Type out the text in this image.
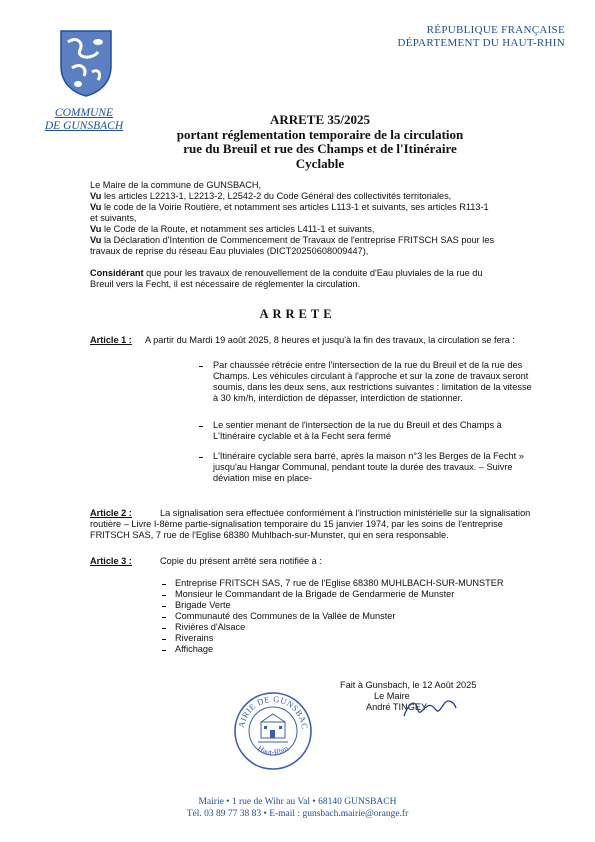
RÉPUBLIQUE FRANÇAISE
DÉPARTEMENT DU HAUT-RHIN
COMMUNE
DE GUNSBACH	ARRETE 35/2025
portant réglementation temporaire de la circulation
rue du Breuil et rue des Champs et de l'Itinéraire Cyclable
Le Maire de la commune de GUNSBACH,
Vu les articles L2213-1, L2213-2, L2542-2 du Code Général des collectivités territoriales,
Vu le code de la Voirie Routière, et notamment ses articles L113-1 et suivants, ses articles R113-1
et suivants,
Vu le Code de la Route, et notamment ses articles L411-1 et suivants,
Vu la Déclaration d'Intention de Commencement de Travaux de l'entreprise FRITSCH SAS pour les
travaux de reprise du réseau Eau pluviales (DICT20250608009447),
Considérant que pour les travaux de renouvellement de la conduite d'Eau pluviales de la rue du
Breuil vers la Fecht, il est nécessaire de réglementer la circulation.
ARRETE
Article 1 : A partir du Mardi 19 août 2025, 8 heures et jusqu'à la fin des travaux, la circulation se fera :
Par chaussée rétrécie entre l'intersection de la rue du Breuil et de la rue des
Champs. Les véhicules circulant à l'approche et sur la zone de travaux seront
soumis, dans les deux sens, aux restrictions suivantes : limitation de la vitesse
à 30 km/h, interdiction de dépasser, interdiction de stationner.
Le sentier menant de l'intersection de la rue du Breuil et des Champs à
L'Itinéraire cyclable et à la Fecht sera fermé
L'Itinéraire cyclable sera barré, après la maison n°3 les Berges de la Fecht »
jusqu'au Hangar Communal, pendant toute la durée des travaux. – Suivre
déviation mise en place-
Article 2 :	La signalisation sera effectuée conformément à l'instruction ministérielle sur la signalisation
routière – Livre I-8ème partie-signalisation temporaire du 15 janvier 1974, par les soins de l'entreprise
FRITSCH SAS, 7 rue de l'Eglise 68380 Muhlbach-sur-Munster, qui en sera responsable.
Article 3 :	Copie du présent arrêté sera notifiée à :
Entreprise FRITSCH SAS, 7 rue de l'Eglise 68380 MUHLBACH-SUR-MUNSTER
Monsieur le Commandant de la Brigade de Gendarmerie de Munster
Brigade Verte
Communauté des Communes de la Vallée de Munster
Rivières d'Alsace
Riverains
Affichage
Fait à Gunsbach, le 12 Août 2025
Le Maire
André TINGEY
AIRIE DE GUNSBAC
Haut-Rhin
Mairie • 1 rue de Wihr au Val • 68140 GUNSBACH
Tél. 03 89 77 38 83 • E-mail : gunsbach.mairie@orange.fr
